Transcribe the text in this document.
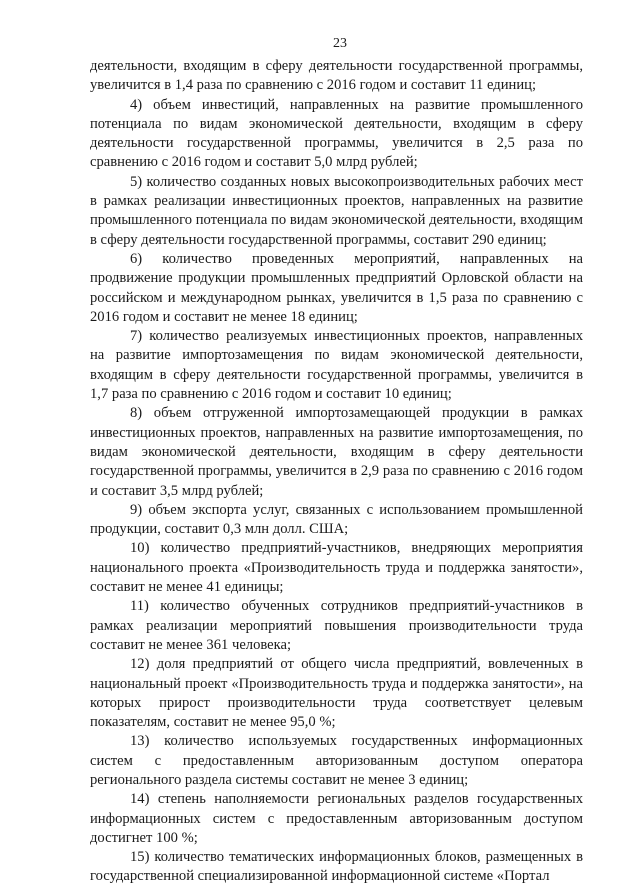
23

деятельности, входящим в сферу деятельности государственной программы, увеличится в 1,4 раза по сравнению с 2016 годом и составит 11 единиц;

4) объем инвестиций, направленных на развитие промышленного потенциала по видам экономической деятельности, входящим в сферу деятельности государственной программы, увеличится в 2,5 раза по сравнению с 2016 годом и составит 5,0 млрд рублей;

5) количество созданных новых высокопроизводительных рабочих мест в рамках реализации инвестиционных проектов, направленных на развитие промышленного потенциала по видам экономической деятельности, входящим в сферу деятельности государственной программы, составит 290 единиц;

6) количество проведенных мероприятий, направленных на продвижение продукции промышленных предприятий Орловской области на российском и международном рынках, увеличится в 1,5 раза по сравнению с 2016 годом и составит не менее 18 единиц;

7) количество реализуемых инвестиционных проектов, направленных на развитие импортозамещения по видам экономической деятельности, входящим в сферу деятельности государственной программы, увеличится в 1,7 раза по сравнению с 2016 годом и составит 10 единиц;

8) объем отгруженной импортозамещающей продукции в рамках инвестиционных проектов, направленных на развитие импортозамещения, по видам экономической деятельности, входящим в сферу деятельности государственной программы, увеличится в 2,9 раза по сравнению с 2016 годом и составит 3,5 млрд рублей;

9) объем экспорта услуг, связанных с использованием промышленной продукции, составит 0,3 млн долл. США;

10) количество предприятий-участников, внедряющих мероприятия национального проекта «Производительность труда и поддержка занятости», составит не менее 41 единицы;

11) количество обученных сотрудников предприятий-участников в рамках реализации мероприятий повышения производительности труда составит не менее 361 человека;

12) доля предприятий от общего числа предприятий, вовлеченных в национальный проект «Производительность труда и поддержка занятости», на которых прирост производительности труда соответствует целевым показателям, составит не менее 95,0 %;

13) количество используемых государственных информационных систем с предоставленным авторизованным доступом оператора регионального раздела системы составит не менее 3 единиц;

14) степень наполняемости региональных разделов государственных информационных систем с предоставленным авторизованным доступом достигнет 100 %;

15) количество тематических информационных блоков, размещенных в государственной специализированной информационной системе «Портал
